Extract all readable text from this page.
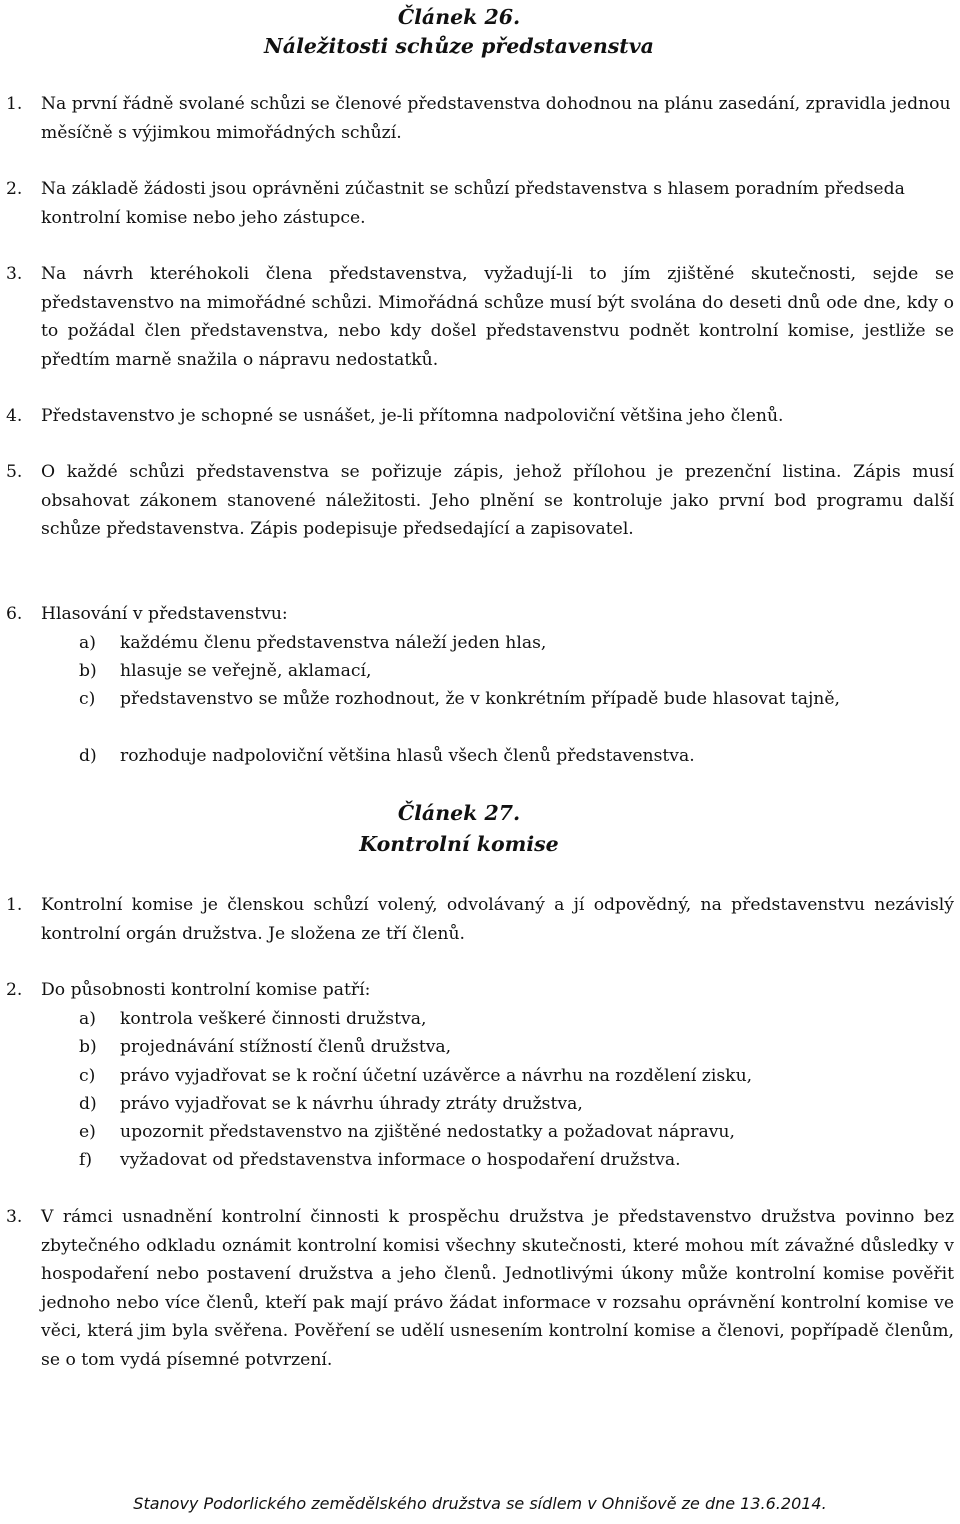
Článek 26.
Náležitosti schůze představenstva
1.	Na první řádně svolané schůzi se členové představenstva dohodnou na plánu zasedání, zpravidla jednou měsíčně s výjimkou mimořádných schůzí.
2.	Na základě žádosti jsou oprávněni zúčastnit se schůzí představenstva s hlasem poradním předseda kontrolní komise nebo jeho zástupce.
3.	Na návrh kteréhokoli člena představenstva, vyžadují-li to jím zjištěné skutečnosti, sejde se představenstvo na mimořádné schůzi. Mimořádná schůze musí být svolána do deseti dnů ode dne, kdy o to požádal člen představenstva, nebo kdy došel představenstvu podnět kontrolní komise, jestliže se předtím marně snažila o nápravu nedostatků.
4.	Představenstvo je schopné se usnášet, je-li přítomna nadpoloviční většina jeho členů.
5.	O každé schůzi představenstva se pořizuje zápis, jehož přílohou je prezenční listina. Zápis musí obsahovat zákonem stanovené náležitosti. Jeho plnění se kontroluje jako první bod programu další schůze představenstva. Zápis podepisuje předsedající a zapisovatel.
6.	Hlasování v představenstvu:
a)	každému členu představenstva náleží jeden hlas,
b)	hlasuje se veřejně, aklamací,
c)	představenstvo se může rozhodnout, že v konkrétním případě bude hlasovat tajně,
d)	rozhoduje nadpoloviční většina hlasů všech členů představenstva.
Článek 27.
Kontrolní komise
1.	Kontrolní komise je členskou schůzí volený, odvolávaný a jí odpovědný, na představenstvu nezávislý kontrolní orgán družstva. Je složena ze tří členů.
2.	Do působnosti kontrolní komise patří:
a)	kontrola veškeré činnosti družstva,
b)	projednávání stížností členů družstva,
c)	právo vyjadřovat se k roční účetní uzávěrce a návrhu na rozdělení zisku,
d)	právo vyjadřovat se k návrhu úhrady ztráty družstva,
e)	upozornit představenstvo na zjištěné nedostatky a požadovat nápravu,
f)	vyžadovat od představenstva informace o hospodaření družstva.
3.	V rámci usnadnění kontrolní činnosti k prospěchu družstva je představenstvo družstva povinno bez zbytečného odkladu oznámit kontrolní komisi všechny skutečnosti, které mohou mít závažné důsledky v hospodaření nebo postavení družstva a jeho členů. Jednotlivými úkony může kontrolní komise pověřit jednoho nebo více členů, kteří pak mají právo žádat informace v rozsahu oprávnění kontrolní komise ve věci, která jim byla svěřena. Pověření se udělí usnesením kontrolní komise a členovi, popřípadě členům, se o tom vydá písemné potvrzení.
Stanovy Podorlického zemědělského družstva se sídlem v Ohnišově ze dne 13.6.2014.
